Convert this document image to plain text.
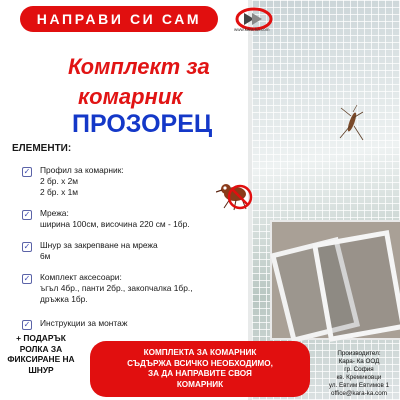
Производител:
Кара- Ка ООД
гр. София
кв. Кремиковци
ул. Евтим Евтимов 1
office@kara-ka.com
НАПРАВИ СИ САМ
www.kara-ka.com
Комплект за
комарник
ПРОЗОРЕЦ
ЕЛЕМЕНТИ:
✓ Профил за комарник:
2 бр. х 2м
2 бр. х 1м
✓ Мрежа:
ширина 100см, височина 220 см - 1бр.
✓ Шнур за закрепване на мрежа
6м
✓ Комплект аксесоари:
ъгъл 4бр., панти 2бр., закопчалка 1бр.,
дръжка 1бр.
✓ Инструкции за монтаж
+ ПОДАРЪК
РОЛКА ЗА
ФИКСИРАНЕ НА
ШНУР
КОМПЛЕКТА ЗА КОМАРНИК
СЪДЪРЖА ВСИЧКО НЕОБХОДИМО,
ЗА ДА НАПРАВИТЕ СВОЯ
КОМАРНИК
